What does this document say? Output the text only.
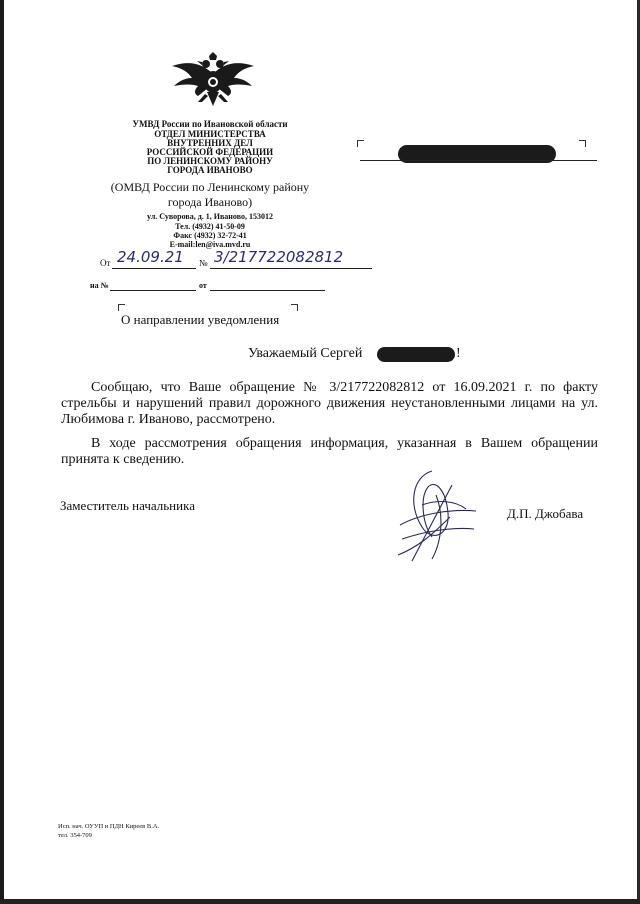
УМВД России по Ивановской области
ОТДЕЛ МИНИСТЕРСТВА
ВНУТРЕННИХ ДЕЛ
РОССИЙСКОЙ ФЕДЕРАЦИИ
ПО ЛЕНИНСКОМУ РАЙОНУ
ГОРОДА ИВАНОВО
(ОМВД России по Ленинскому району
города Иваново)
ул. Суворова, д. 1, Иваново, 153012
Тел. (4932) 41-50-09
Факс (4932) 32-72-41
E-mail:len@iva.mvd.ru
От 24.09.21 № 3/217722082812
на №	от
О направлении уведомления
Уважаемый Сергей	!
Сообщаю, что Ваше обращение № 3/217722082812 от 16.09.2021 г. по факту стрельбы и нарушений правил дорожного движения неустановленными лицами на ул. Любимова г. Иваново, рассмотрено.
В ходе рассмотрения обращения информация, указанная в Вашем обращении принята к сведению.
Заместитель начальника
Д.П. Джобава
Исп. нач. ОУУП и ПДН Киреев В.А.
тел. 354-709
